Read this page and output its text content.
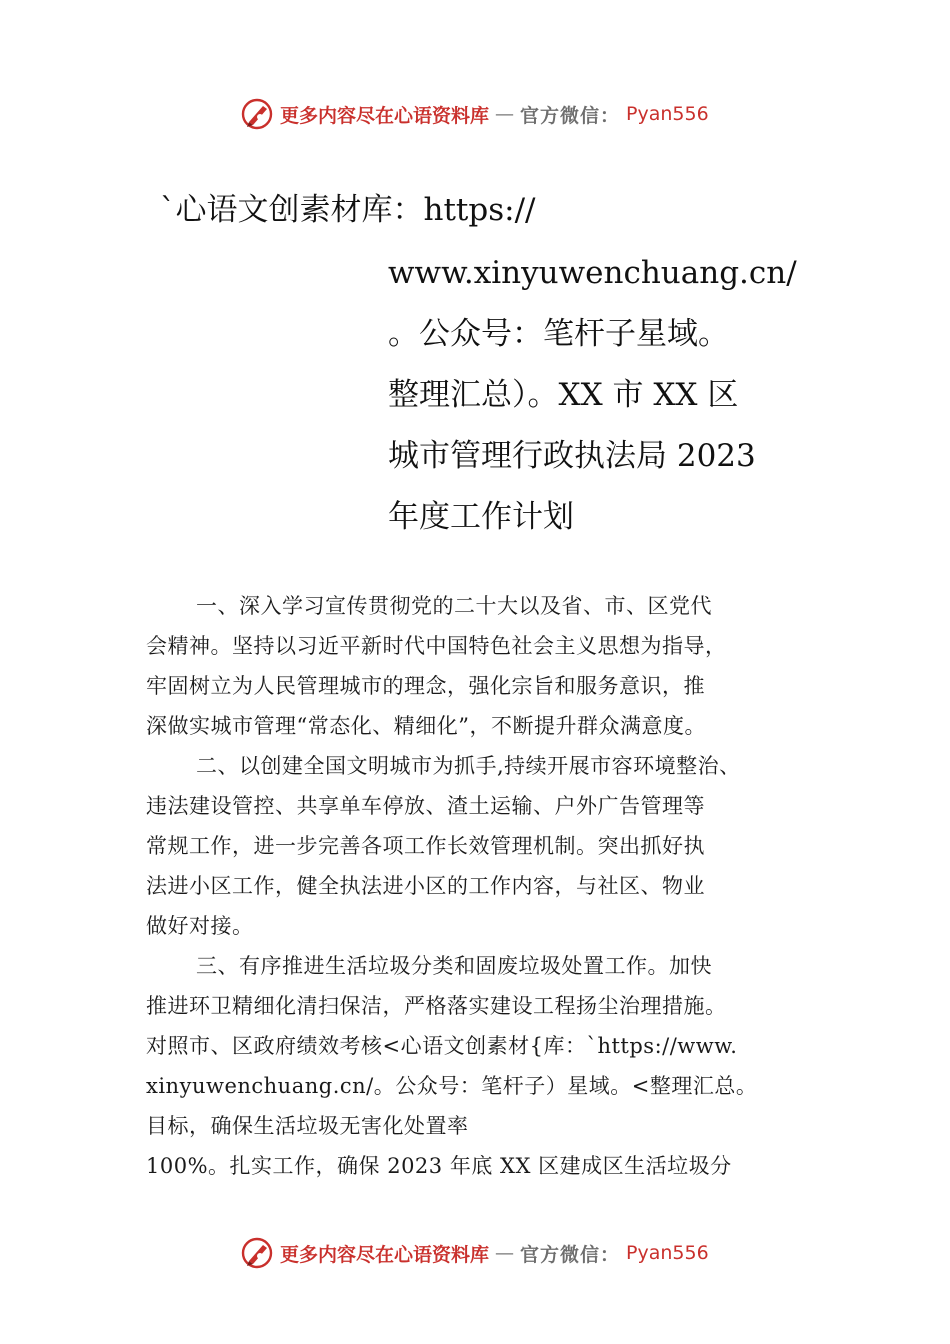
更多内容尽在心语资料库 — 官方微信： Pyan556
`心语文创素材库：https://
www.xinyuwenchuang.cn/
。公众号：笔杆子星域。
整理汇总）。XX 市 XX 区
城市管理行政执法局 2023
年度工作计划
一、深入学习宣传贯彻党的二十大以及省、市、区党代
会精神。坚持以习近平新时代中国特色社会主义思想为指导，
牢固树立为人民管理城市的理念，强化宗旨和服务意识，推
深做实城市管理“常态化、精细化”，不断提升群众满意度。
二、以创建全国文明城市为抓手,持续开展市容环境整治、
违法建设管控、共享单车停放、渣土运输、户外广告管理等
常规工作，进一步完善各项工作长效管理机制。突出抓好执
法进小区工作，健全执法进小区的工作内容，与社区、物业
做好对接。
三、有序推进生活垃圾分类和固废垃圾处置工作。加快
推进环卫精细化清扫保洁，严格落实建设工程扬尘治理措施。
对照市、区政府绩效考核<心语文创素材{库：`https://www.
xinyuwenchuang.cn/。公众号：笔杆子）星域。<整理汇总。
目标，确保生活垃圾无害化处置率
100%。扎实工作，确保 2023 年底 XX 区建成区生活垃圾分
更多内容尽在心语资料库 — 官方微信： Pyan556
